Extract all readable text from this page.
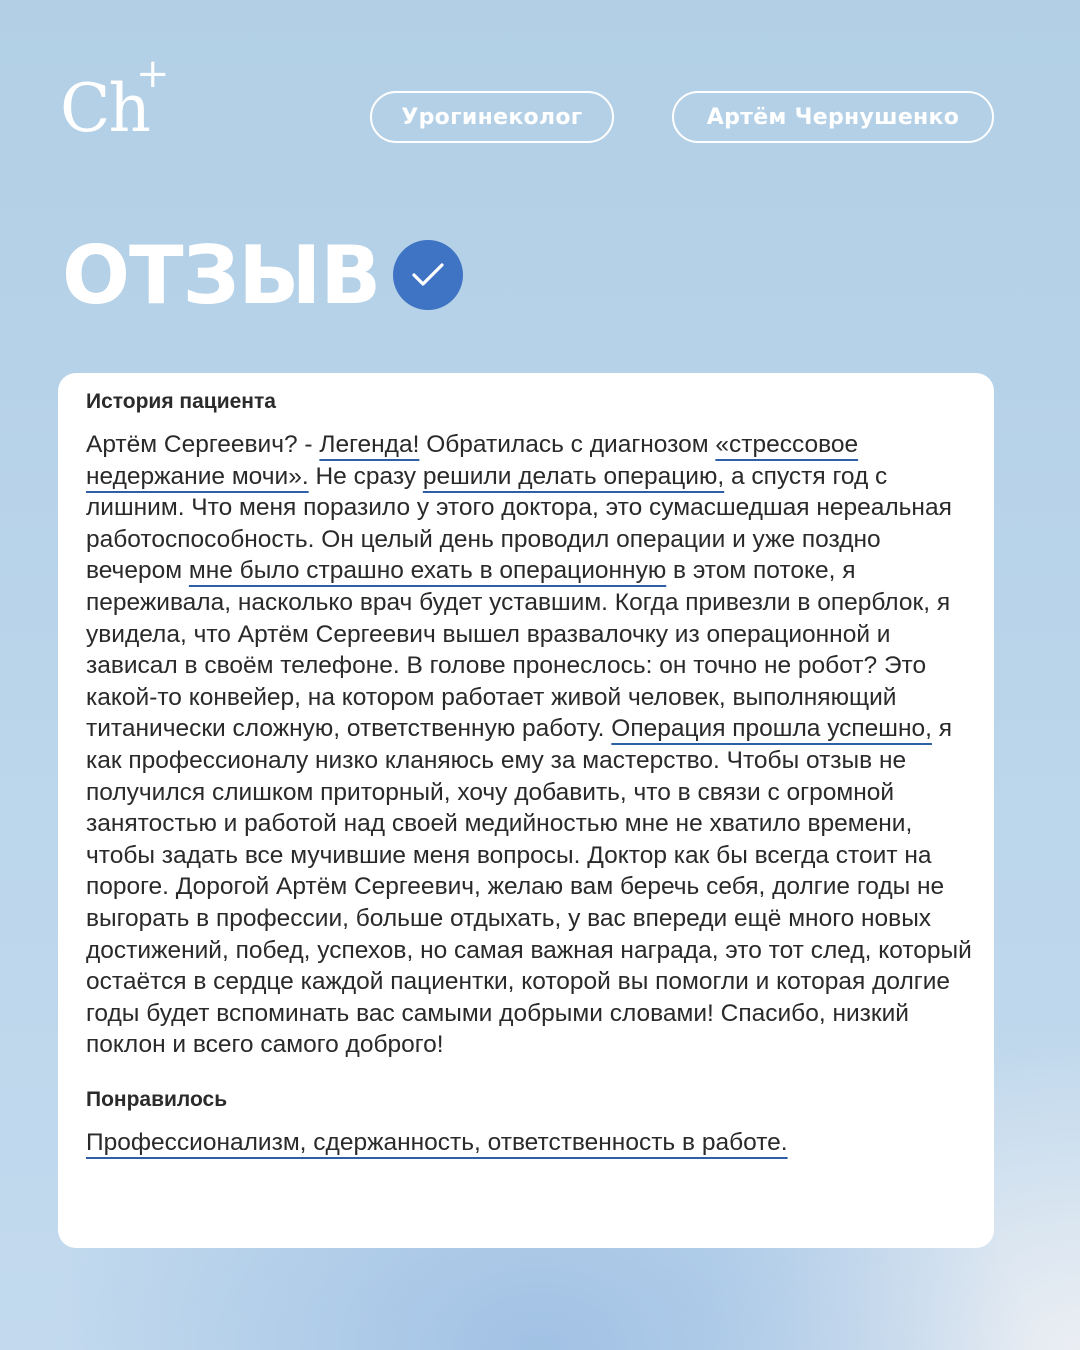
Ch
+
Урогинеколог	Артём Чернушенко
ОТЗЫВ
История пациента
Артём Сергеевич? - Легенда! Обратилась с диагнозом «стрессовое недержание мочи». Не сразу решили делать операцию, а спустя год с лишним. Что меня поразило у этого доктора, это сумасшедшая нереальная работоспособность. Он целый день проводил операции и уже поздно вечером мне было страшно ехать в операционную в этом потоке, я переживала, насколько врач будет уставшим. Когда привезли в оперблок, я увидела, что Артём Сергеевич вышел вразвалочку из операционной и зависал в своём телефоне. В голове пронеслось: он точно не робот? Это какой-то конвейер, на котором работает живой человек, выполняющий титанически сложную, ответственную работу. Операция прошла успешно, я как профессионалу низко кланяюсь ему за мастерство. Чтобы отзыв не получился слишком приторный, хочу добавить, что в связи с огромной занятостью и работой над своей медийностью мне не хватило времени, чтобы задать все мучившие меня вопросы. Доктор как бы всегда стоит на пороге. Дорогой Артём Сергеевич, желаю вам беречь себя, долгие годы не выгорать в профессии, больше отдыхать, у вас впереди ещё много новых достижений, побед, успехов, но самая важная награда, это тот след, который остаётся в сердце каждой пациентки, которой вы помогли и которая долгие годы будет вспоминать вас самыми добрыми словами! Спасибо, низкий поклон и всего самого доброго!
Понравилось
Профессионализм, сдержанность, ответственность в работе.
